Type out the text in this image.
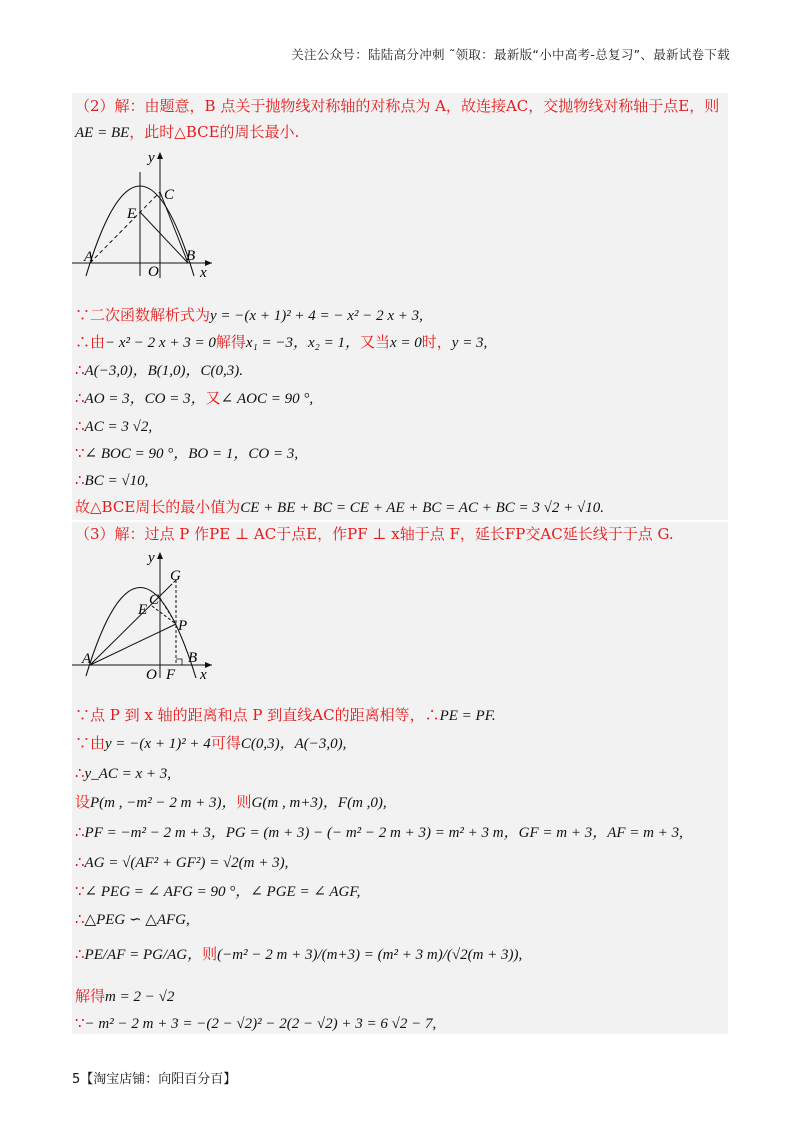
关注公众号：陆陆高分冲刺 ˜领取：最新版“小中高考-总复习”、最新试卷下载
（2）解：由题意，B 点关于抛物线对称轴的对称点为 A，故连接AC，交抛物线对称轴于点E，则
AE = BE，此时△BCE的周长最小.
y
C
E
A	B
O	x
∵二次函数解析式为y = −(x + 1)² + 4 = − x² − 2 x + 3,
∴由− x² − 2 x + 3 = 0解得x₁ = −3，x₂ = 1，又当x = 0时，y = 3,
∴A(−3,0)，B(1,0)，C(0,3).
∴AO = 3，CO = 3，又∠ AOC = 90 °,
∴AC = 3 √2,
∵∠ BOC = 90 °，BO = 1，CO = 3,
∴BC = √10,
故△BCE周长的最小值为CE + BE + BC = CE + AE + BC = AC + BC = 3 √2 + √10.
（3）解：过点 P 作PE ⊥ AC于点E，作PF ⊥ x轴于点 F，延长FP交AC延长线于于点 G.
y
G
C
E
P
A	B
O F x
∵点 P 到 x 轴的距离和点 P 到直线AC的距离相等，∴PE = PF.
∵由y = −(x + 1)² + 4可得C(0,3)，A(−3,0),
∴y_AC = x + 3,
设P(m , −m² − 2 m + 3)，则G(m , m+3)，F(m ,0),
∴PF = −m² − 2 m + 3，PG = (m + 3) − (− m² − 2 m + 3) = m² + 3 m，GF = m + 3，AF = m + 3,
∴AG = √(AF² + GF²) = √2(m + 3),
∵∠ PEG = ∠ AFG = 90 °，∠ PGE = ∠ AGF,
∴△PEG ∽ △AFG,
∴PE/AF = PG/AG，则(−m² − 2 m + 3)/(m+3) = (m² + 3 m)/(√2(m + 3)),
解得m = 2 − √2
∵− m² − 2 m + 3 = −(2 − √2)² − 2(2 − √2) + 3 = 6 √2 − 7,
5【淘宝店铺：向阳百分百】
